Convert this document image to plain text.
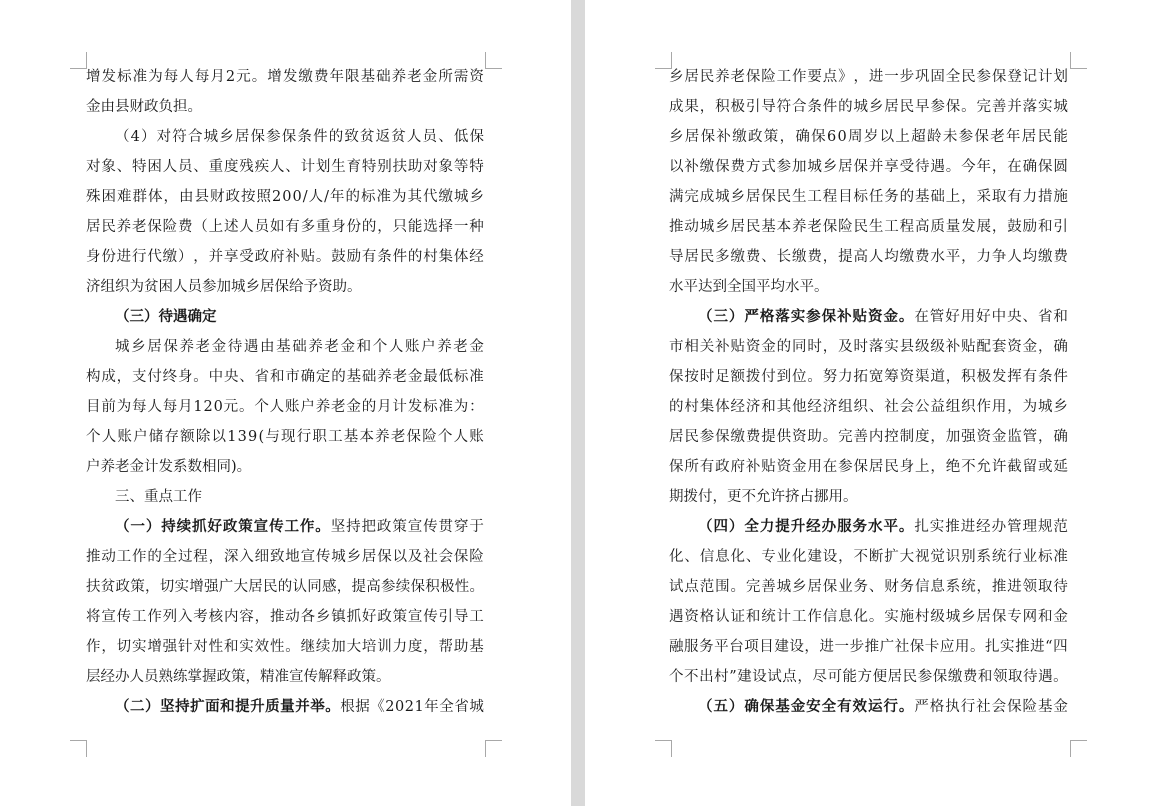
增 发 标 准 为 每 人 每 月 2 元 。 增 发 缴 费 年 限 基 础 养 老 金 所 需 资
金 由 县 财 政 负 担 。
（ 4 ） 对 符 合 城 乡 居 保 参 保 条 件 的 致 贫 返 贫 人 员 、 低 保
对 象 、 特 困 人 员 、 重 度 残 疾 人 、 计 划 生 育 特 别 扶 助 对 象 等 特
殊 困 难 群 体 ， 由 县 财 政 按 照 2 0 0 / 人 / 年 的 标 准 为 其 代 缴 城 乡
居 民 养 老 保 险 费 （ 上 述 人 员 如 有 多 重 身 份 的 ， 只 能 选 择 一 种
身 份 进 行 代 缴 ） ， 并 享 受 政 府 补 贴 。 鼓 励 有 条 件 的 村 集 体 经
济 组 织 为 贫 困 人 员 参 加 城 乡 居 保 给 予 资 助 。
（ 三 ） 待 遇 确 定
城 乡 居 保 养 老 金 待 遇 由 基 础 养 老 金 和 个 人 账 户 养 老 金
构 成 ， 支 付 终 身 。 中 央 、 省 和 市 确 定 的 基 础 养 老 金 最 低 标 准
目 前 为 每 人 每 月 1 2 0 元 。 个 人 账 户 养 老 金 的 月 计 发 标 准 为 ：
个 人 账 户 储 存 额 除 以 1 3 9 ( 与 现 行 职 工 基 本 养 老 保 险 个 人 账
户 养 老 金 计 发 系 数 相 同 ) 。
三 、 重 点 工 作
（ 一 ） 持 续 抓 好 政 策 宣 传 工 作 。 坚 持 把 政 策 宣 传 贯 穿 于
推 动 工 作 的 全 过 程 ， 深 入 细 致 地 宣 传 城 乡 居 保 以 及 社 会 保 险
扶 贫 政 策 ， 切 实 增 强 广 大 居 民 的 认 同 感 ， 提 高 参 续 保 积 极 性 。
将 宣 传 工 作 列 入 考 核 内 容 ， 推 动 各 乡 镇 抓 好 政 策 宣 传 引 导 工
作 ， 切 实 增 强 针 对 性 和 实 效 性 。 继 续 加 大 培 训 力 度 ， 帮 助 基
层 经 办 人 员 熟 练 掌 握 政 策 ， 精 准 宣 传 解 释 政 策 。
（ 二 ） 坚 持 扩 面 和 提 升 质 量 并 举 。 根 据 《 2 0 2 1 年 全 省 城
乡 居 民 养 老 保 险 工 作 要 点 》 ， 进 一 步 巩 固 全 民 参 保 登 记 计 划
成 果 ， 积 极 引 导 符 合 条 件 的 城 乡 居 民 早 参 保 。 完 善 并 落 实 城
乡 居 保 补 缴 政 策 ， 确 保 6 0 周 岁 以 上 超 龄 未 参 保 老 年 居 民 能
以 补 缴 保 费 方 式 参 加 城 乡 居 保 并 享 受 待 遇 。 今 年 ， 在 确 保 圆
满 完 成 城 乡 居 保 民 生 工 程 目 标 任 务 的 基 础 上 ， 采 取 有 力 措 施
推 动 城 乡 居 民 基 本 养 老 保 险 民 生 工 程 高 质 量 发 展 ， 鼓 励 和 引
导 居 民 多 缴 费 、 长 缴 费 ， 提 高 人 均 缴 费 水 平 ， 力 争 人 均 缴 费
水 平 达 到 全 国 平 均 水 平 。
（ 三 ） 严 格 落 实 参 保 补 贴 资 金 。 在 管 好 用 好 中 央 、 省 和
市 相 关 补 贴 资 金 的 同 时 ， 及 时 落 实 县 级 级 补 贴 配 套 资 金 ， 确
保 按 时 足 额 拨 付 到 位 。 努 力 拓 宽 筹 资 渠 道 ， 积 极 发 挥 有 条 件
的 村 集 体 经 济 和 其 他 经 济 组 织 、 社 会 公 益 组 织 作 用 ， 为 城 乡
居 民 参 保 缴 费 提 供 资 助 。 完 善 内 控 制 度 ， 加 强 资 金 监 管 ， 确
保 所 有 政 府 补 贴 资 金 用 在 参 保 居 民 身 上 ， 绝 不 允 许 截 留 或 延
期 拨 付 ， 更 不 允 许 挤 占 挪 用 。
（ 四 ） 全 力 提 升 经 办 服 务 水 平 。 扎 实 推 进 经 办 管 理 规 范
化 、 信 息 化 、 专 业 化 建 设 ， 不 断 扩 大 视 觉 识 别 系 统 行 业 标 准
试 点 范 围 。 完 善 城 乡 居 保 业 务 、 财 务 信 息 系 统 ， 推 进 领 取 待
遇 资 格 认 证 和 统 计 工 作 信 息 化 。 实 施 村 级 城 乡 居 保 专 网 和 金
融 服 务 平 台 项 目 建 设 ， 进 一 步 推 广 社 保 卡 应 用 。 扎 实 推 进 “ 四
个 不 出 村 ” 建 设 试 点 ， 尽 可 能 方 便 居 民 参 保 缴 费 和 领 取 待 遇 。
（ 五 ） 确 保 基 金 安 全 有 效 运 行 。 严 格 执 行 社 会 保 险 基 金
